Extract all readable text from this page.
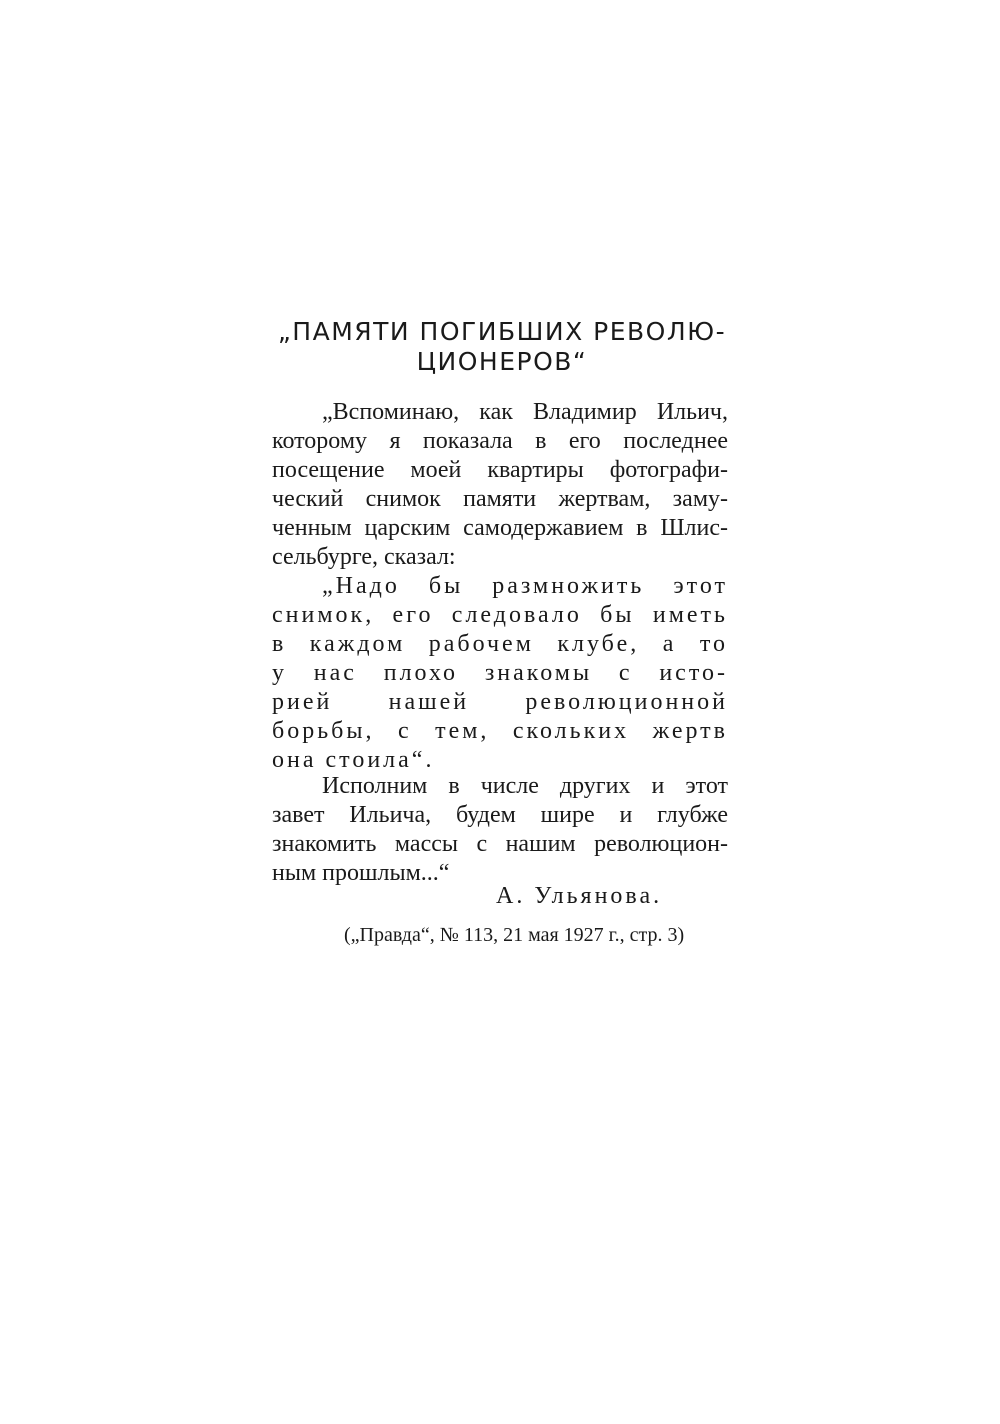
„ПАМЯТИ ПОГИБШИХ РЕВОЛЮ-
ЦИОНЕРОВ“
„Вспоминаю, как Владимир Ильич,
которому я показала в его последнее
посещение моей квартиры фотографи-
ческий снимок памяти жертвам, заму-
ченным царским самодержавием в Шлис-
сельбурге, сказал:
„Надо бы размножить этот
снимок, его следовало бы иметь
в каждом рабочем клубе, а то
у нас плохо знакомы с исто-
рией нашей революционной
борьбы, с тем, скольких жертв
она стоила“.
Исполним в числе других и этот
завет Ильича, будем шире и глубже
знакомить массы с нашим революцион-
ным прошлым...“
А. Ульянова.
(„Правда“, № 113, 21 мая 1927 г., стр. 3)
